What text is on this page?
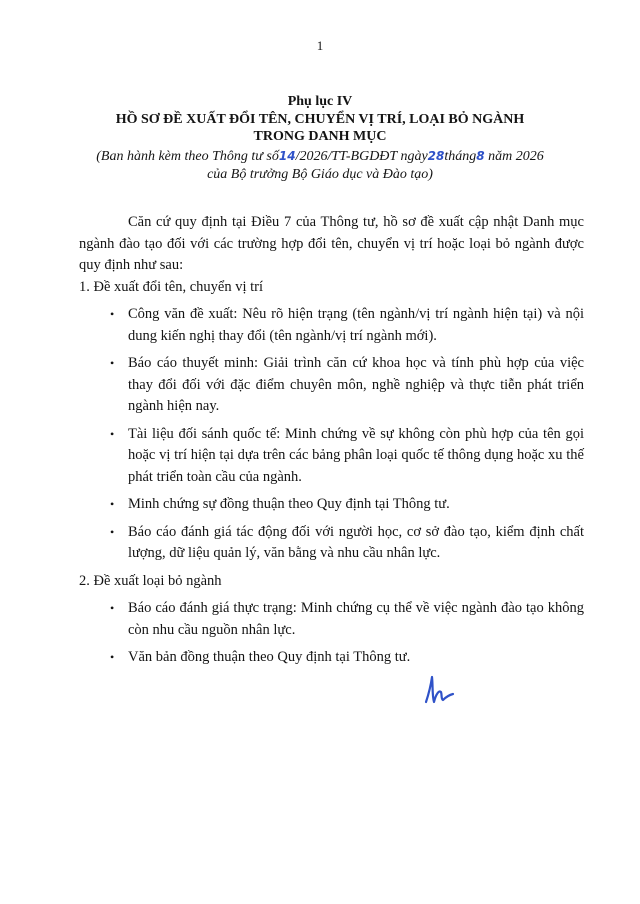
1
Phụ lục IV
HỒ SƠ ĐỀ XUẤT ĐỔI TÊN, CHUYỂN VỊ TRÍ, LOẠI BỎ NGÀNH
TRONG DANH MỤC
(Ban hành kèm theo Thông tư số14/2026/TT-BGDĐT ngày28tháng8 năm 2026
của Bộ trưởng Bộ Giáo dục và Đào tạo)

Căn cứ quy định tại Điều 7 của Thông tư, hồ sơ đề xuất cập nhật Danh mục ngành đào tạo đối với các trường hợp đổi tên, chuyển vị trí hoặc loại bỏ ngành được quy định như sau:

1. Đề xuất đổi tên, chuyển vị trí

• Công văn đề xuất: Nêu rõ hiện trạng (tên ngành/vị trí ngành hiện tại) và nội dung kiến nghị thay đổi (tên ngành/vị trí ngành mới).
• Báo cáo thuyết minh: Giải trình căn cứ khoa học và tính phù hợp của việc thay đổi đối với đặc điểm chuyên môn, nghề nghiệp và thực tiễn phát triển ngành hiện nay.
• Tài liệu đối sánh quốc tế: Minh chứng về sự không còn phù hợp của tên gọi hoặc vị trí hiện tại dựa trên các bảng phân loại quốc tế thông dụng hoặc xu thế phát triển toàn cầu của ngành.
• Minh chứng sự đồng thuận theo Quy định tại Thông tư.
• Báo cáo đánh giá tác động đối với người học, cơ sở đào tạo, kiểm định chất lượng, dữ liệu quản lý, văn bằng và nhu cầu nhân lực.

2. Đề xuất loại bỏ ngành

• Báo cáo đánh giá thực trạng: Minh chứng cụ thể về việc ngành đào tạo không còn nhu cầu nguồn nhân lực.
• Văn bản đồng thuận theo Quy định tại Thông tư.
